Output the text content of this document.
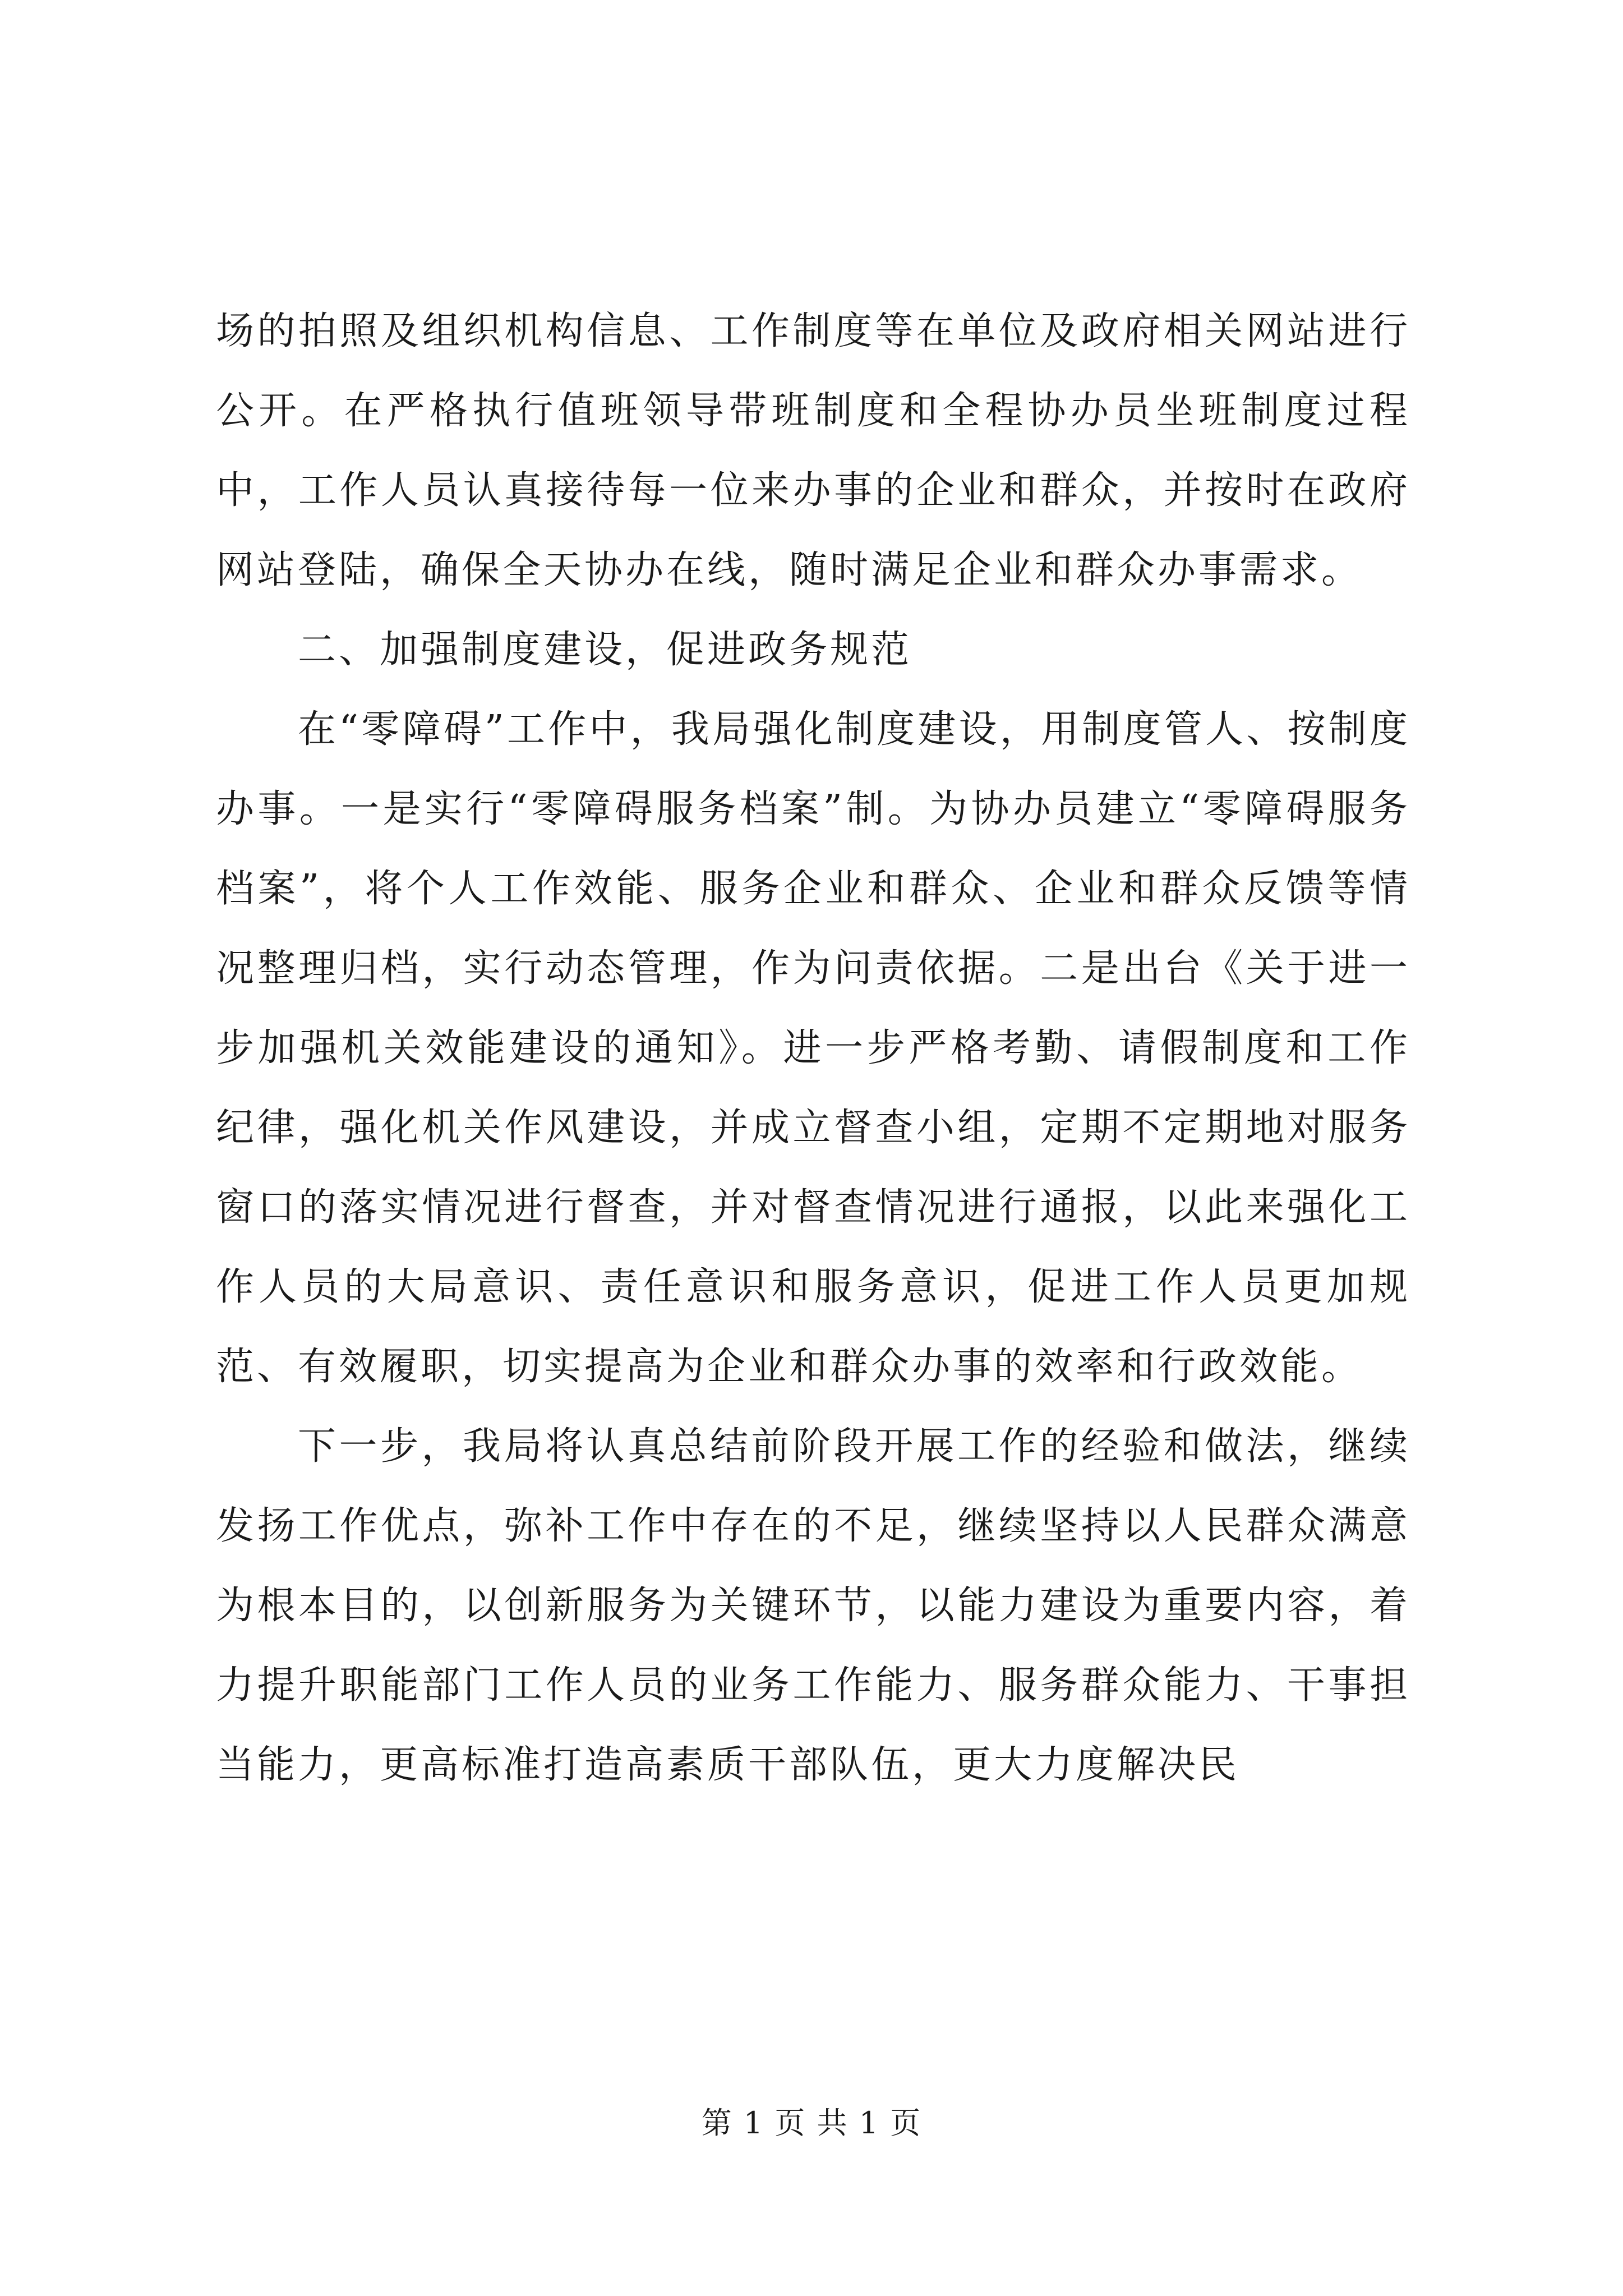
场的拍照及组织机构信息、工作制度等在单位及政府相关网站进行公开。在严格执行值班领导带班制度和全程协办员坐班制度过程中，工作人员认真接待每一位来办事的企业和群众，并按时在政府网站登陆，确保全天协办在线，随时满足企业和群众办事需求。

二、加强制度建设，促进政务规范

在“零障碍”工作中，我局强化制度建设，用制度管人、按制度办事。一是实行“零障碍服务档案”制。为协办员建立“零障碍服务档案”，将个人工作效能、服务企业和群众、企业和群众反馈等情况整理归档，实行动态管理，作为问责依据。二是出台《关于进一步加强机关效能建设的通知》。进一步严格考勤、请假制度和工作纪律，强化机关作风建设，并成立督查小组，定期不定期地对服务窗口的落实情况进行督查，并对督查情况进行通报，以此来强化工作人员的大局意识、责任意识和服务意识，促进工作人员更加规范、有效履职，切实提高为企业和群众办事的效率和行政效能。

下一步，我局将认真总结前阶段开展工作的经验和做法，继续发扬工作优点，弥补工作中存在的不足，继续坚持以人民群众满意为根本目的，以创新服务为关键环节，以能力建设为重要内容，着力提升职能部门工作人员的业务工作能力、服务群众能力、干事担当能力，更高标准打造高素质干部队伍，更大力度解决民

第 1 页 共 1 页
